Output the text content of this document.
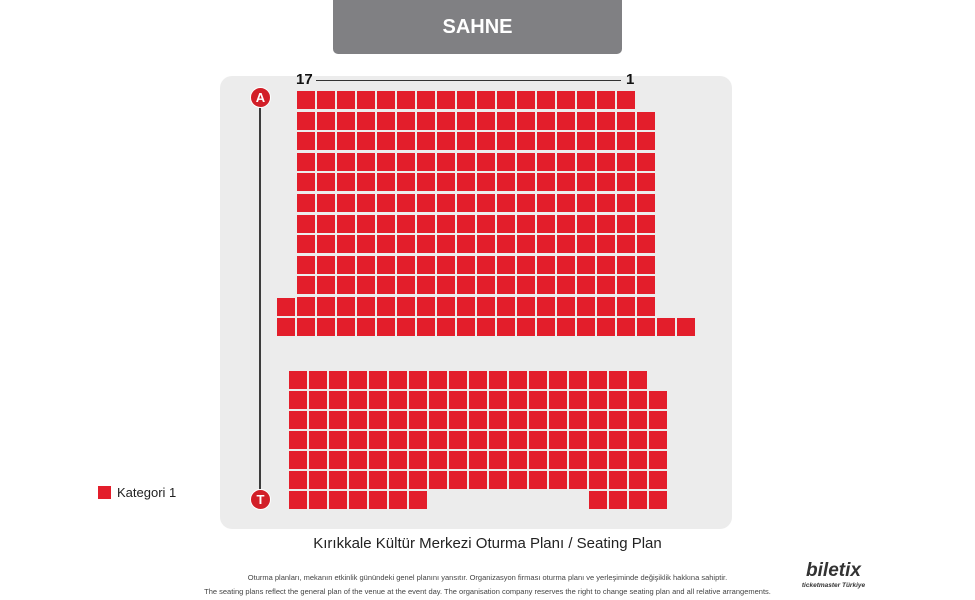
SAHNE
17	1
A
T
Kategori 1
Kırıkkale Kültür Merkezi Oturma Planı / Seating Plan
Oturma planları, mekanın etkinlik günündeki genel planını yansıtır. Organizasyon firması oturma planı ve yerleşiminde değişiklik hakkına sahiptir.
The seating plans reflect the general plan of the venue at the event day. The organisation company reserves the right to change seating plan and all relative arrangements.
biletix
ticketmaster Türkiye
